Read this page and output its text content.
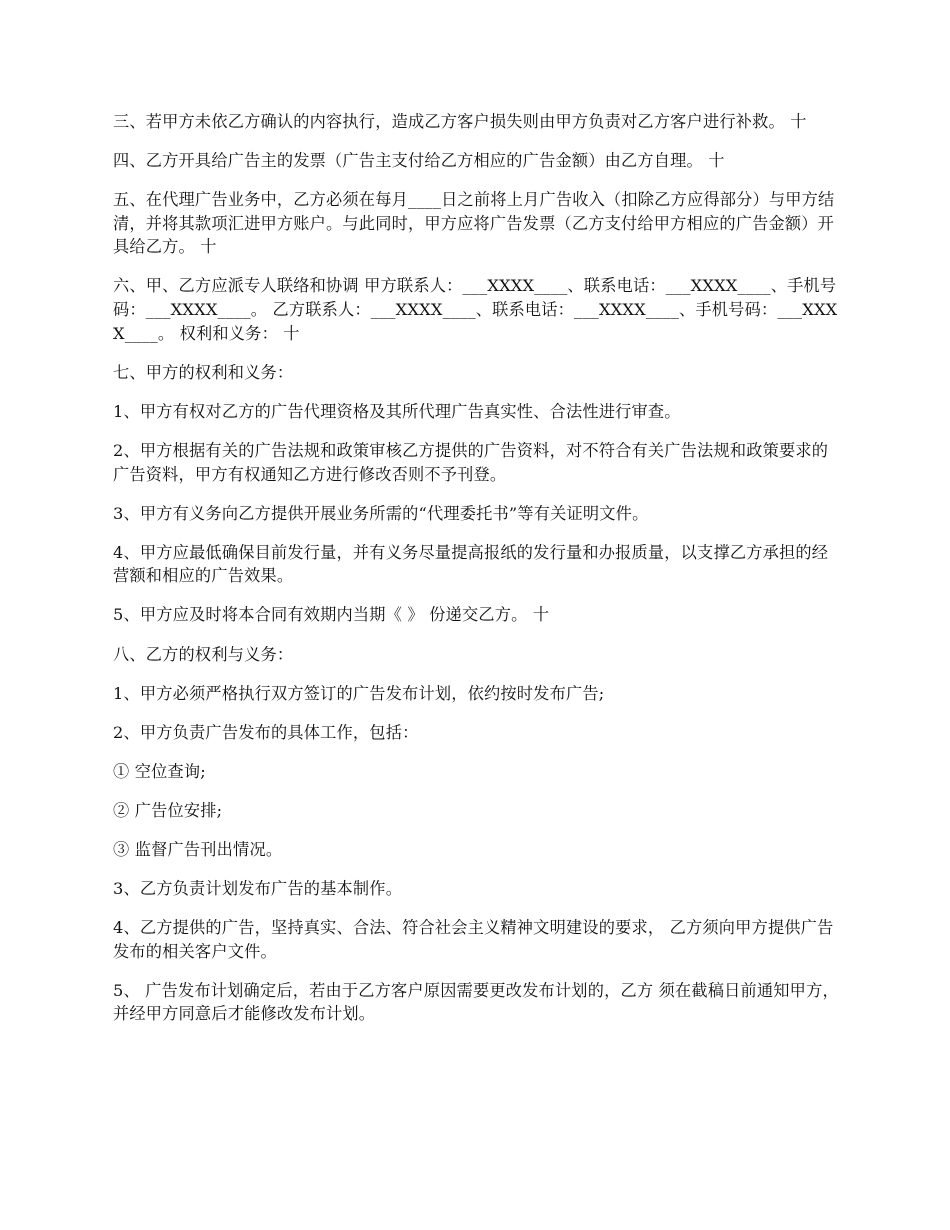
三、若甲方未依乙方确认的内容执行，造成乙方客户损失则由甲方负责对乙方客户进行补救。 十

四、乙方开具给广告主的发票（广告主支付给乙方相应的广告金额）由乙方自理。 十

五、在代理广告业务中，乙方必须在每月____日之前将上月广告收入（扣除乙方应得部分）与甲方结清，并将其款项汇进甲方账户。与此同时，甲方应将广告发票（乙方支付给甲方相应的广告金额）开具给乙方。 十

六、甲、乙方应派专人联络和协调 甲方联系人：___XXXX____、联系电话：___XXXX____、手机号码：___XXXX____。 乙方联系人：___XXXX____、联系电话：___XXXX____、手机号码：___XXXX____。 权利和义务： 十

七、甲方的权利和义务：

1、甲方有权对乙方的广告代理资格及其所代理广告真实性、合法性进行审查。

2、甲方根据有关的广告法规和政策审核乙方提供的广告资料，对不符合有关广告法规和政策要求的广告资料，甲方有权通知乙方进行修改否则不予刊登。

3、甲方有义务向乙方提供开展业务所需的“代理委托书”等有关证明文件。

4、甲方应最低确保目前发行量，并有义务尽量提高报纸的发行量和办报质量，以支撑乙方承担的经营额和相应的广告效果。

5、甲方应及时将本合同有效期内当期《 》 份递交乙方。 十

八、乙方的权利与义务：

1、甲方必须严格执行双方签订的广告发布计划，依约按时发布广告;

2、甲方负责广告发布的具体工作，包括：

① 空位查询;

② 广告位安排;

③ 监督广告刊出情况。

3、乙方负责计划发布广告的基本制作。

4、乙方提供的广告，坚持真实、合法、符合社会主义精神文明建设的要求， 乙方须向甲方提供广告发布的相关客户文件。

5、 广告发布计划确定后，若由于乙方客户原因需要更改发布计划的，乙方 须在截稿日前通知甲方，并经甲方同意后才能修改发布计划。
